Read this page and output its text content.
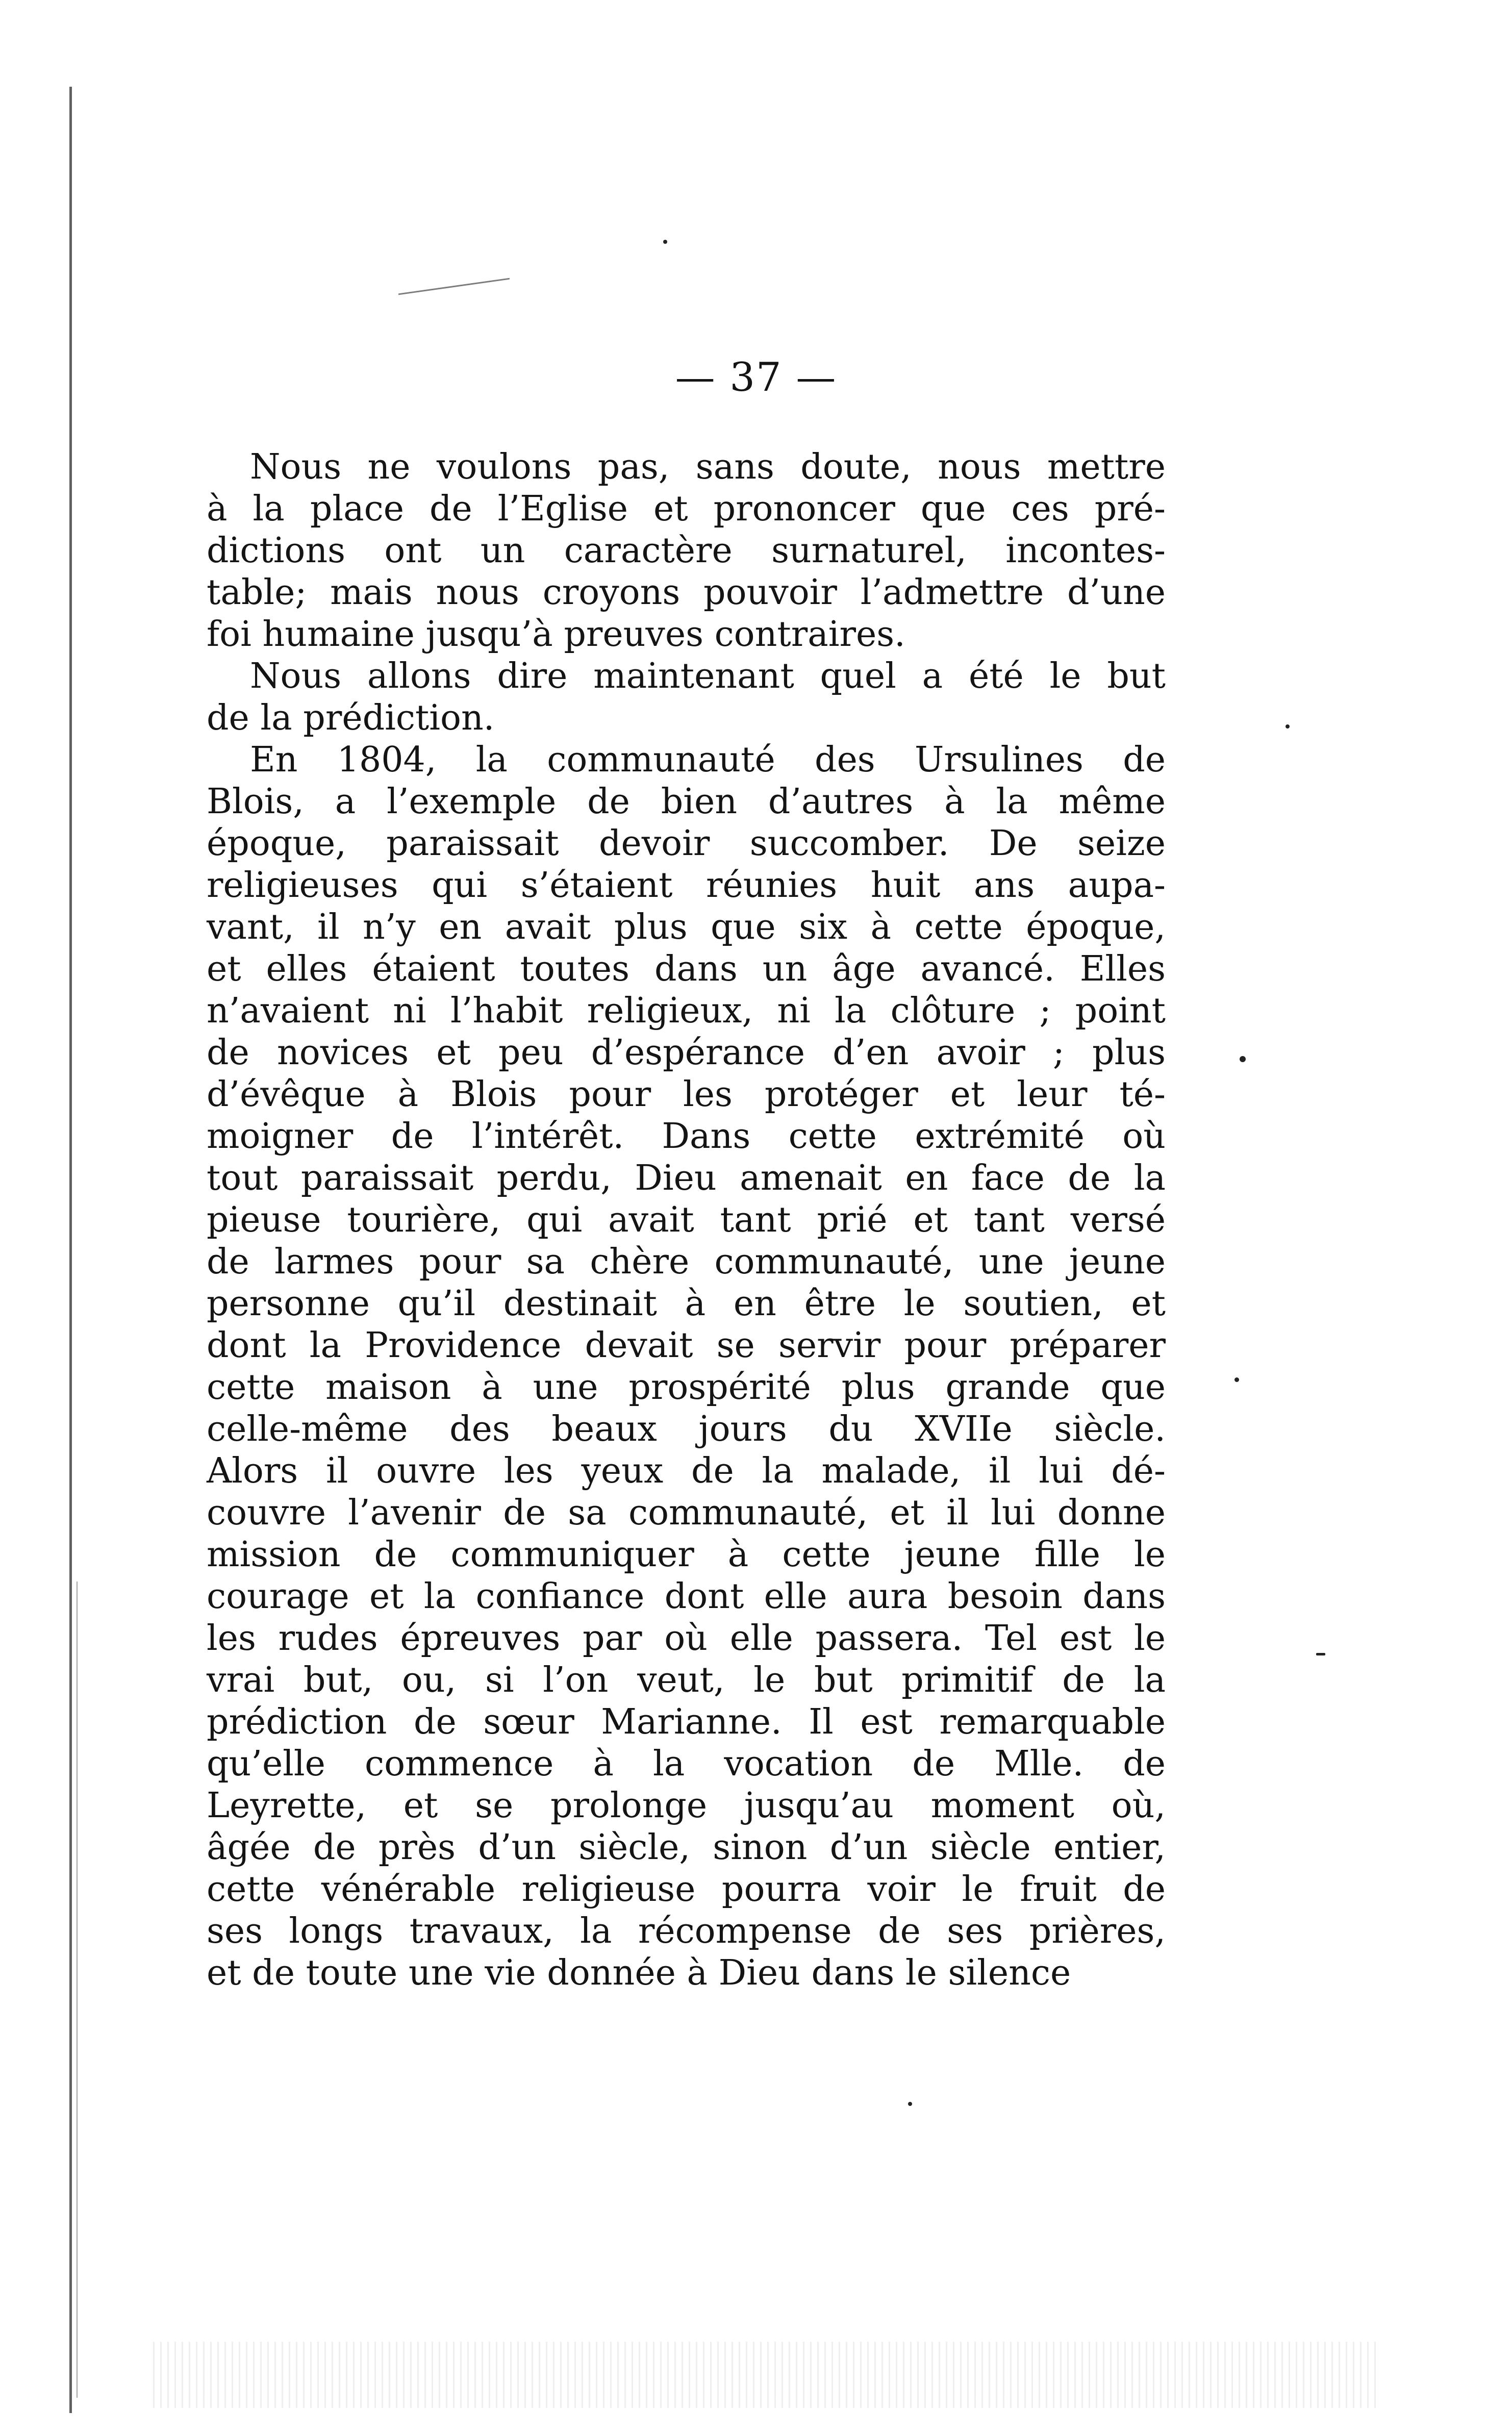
— 37 —
Nous ne voulons pas, sans doute, nous mettre
à la place de l’Eglise et prononcer que ces pré-
dictions ont un caractère surnaturel, incontes-
table; mais nous croyons pouvoir l’admettre d’une
foi humaine jusqu’à preuves contraires.
Nous allons dire maintenant quel a été le but
de la prédiction.
En 1804, la communauté des Ursulines de
Blois, a l’exemple de bien d’autres à la même
époque, paraissait devoir succomber. De seize
religieuses qui s’étaient réunies huit ans aupa-
vant, il n’y en avait plus que six à cette époque,
et elles étaient toutes dans un âge avancé. Elles
n’avaient ni l’habit religieux, ni la clôture ; point
de novices et peu d’espérance d’en avoir ; plus
d’évêque à Blois pour les protéger et leur té-
moigner de l’intérêt. Dans cette extrémité où
tout paraissait perdu, Dieu amenait en face de la
pieuse tourière, qui avait tant prié et tant versé
de larmes pour sa chère communauté, une jeune
personne qu’il destinait à en être le soutien, et
dont la Providence devait se servir pour préparer
cette maison à une prospérité plus grande que
celle-même des beaux jours du XVIIe siècle.
Alors il ouvre les yeux de la malade, il lui dé-
couvre l’avenir de sa communauté, et il lui donne
mission de communiquer à cette jeune fille le
courage et la confiance dont elle aura besoin dans
les rudes épreuves par où elle passera. Tel est le
vrai but, ou, si l’on veut, le but primitif de la
prédiction de sœur Marianne. Il est remarquable
qu’elle commence à la vocation de Mlle. de
Leyrette, et se prolonge jusqu’au moment où,
âgée de près d’un siècle, sinon d’un siècle entier,
cette vénérable religieuse pourra voir le fruit de
ses longs travaux, la récompense de ses prières,
et de toute une vie donnée à Dieu dans le silence
